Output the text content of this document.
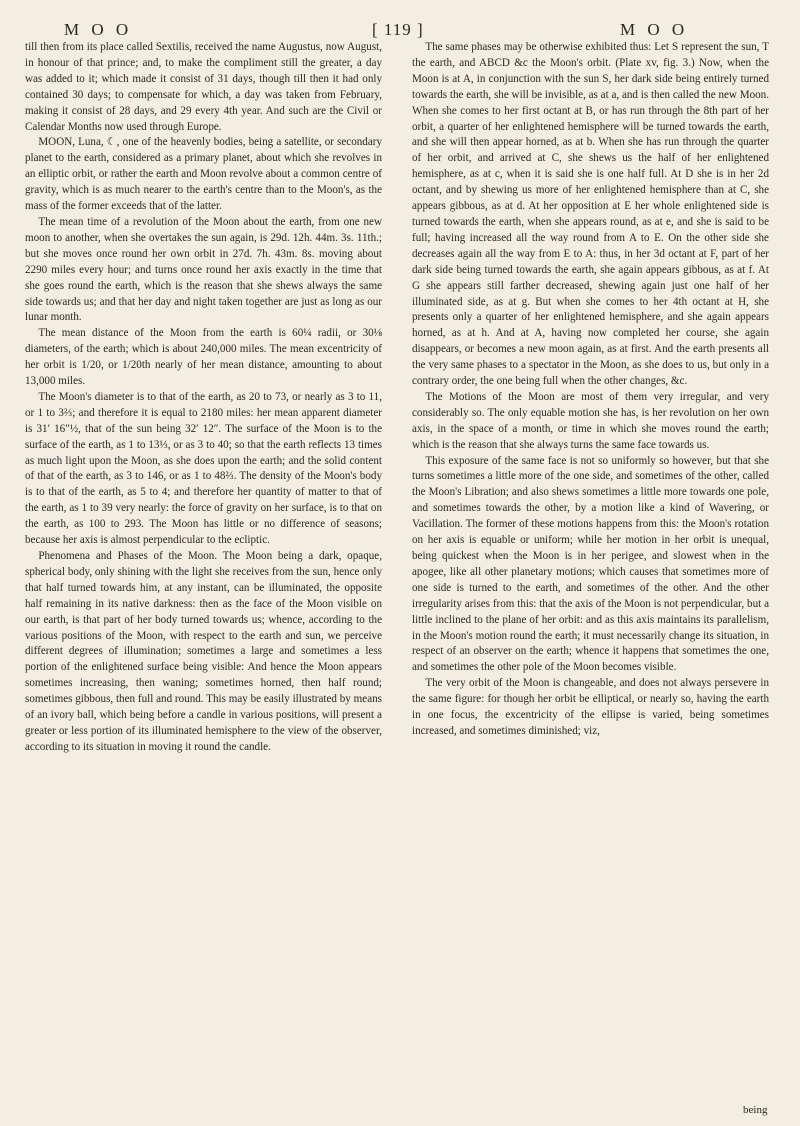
M O O	[ 119 ]	M O O

till then from its place called Sextilis, received the name Augustus, now August, in honour of that prince; and, to make the compliment still the greater, a day was added to it; which made it consist of 31 days, though till then it had only contained 30 days; to compensate for which, a day was taken from February, making it consist of 28 days, and 29 every 4th year. And such are the Civil or Calendar Months now used through Europe.

MOON, Luna, ☾, one of the heavenly bodies, being a satellite, or secondary planet to the earth, considered as a primary planet, about which she revolves in an elliptic orbit, or rather the earth and Moon revolve about a common centre of gravity, which is as much nearer to the earth's centre than to the Moon's, as the mass of the former exceeds that of the latter.

The mean time of a revolution of the Moon about the earth, from one new moon to another, when she overtakes the sun again, is 29d. 12h. 44m. 3s. 11th.; but she moves once round her own orbit in 27d. 7h. 43m. 8s. moving about 2290 miles every hour; and turns once round her axis exactly in the time that she goes round the earth, which is the reason that she shews always the same side towards us; and that her day and night taken together are just as long as our lunar month.

The mean distance of the Moon from the earth is 60¼ radii, or 30⅛ diameters, of the earth; which is about 240,000 miles. The mean excentricity of her orbit is 1/20, or 1/20th nearly of her mean distance, amounting to about 13,000 miles.

The Moon's diameter is to that of the earth, as 20 to 73, or nearly as 3 to 11, or 1 to 3⅔; and therefore it is equal to 2180 miles: her mean apparent diameter is 31′ 16″½, that of the sun being 32′ 12″. The surface of the Moon is to the surface of the earth, as 1 to 13⅓, or as 3 to 40; so that the earth reflects 13 times as much light upon the Moon, as she does upon the earth; and the solid content of that of the earth, as 3 to 146, or as 1 to 48⅔. The density of the Moon's body is to that of the earth, as 5 to 4; and therefore her quantity of matter to that of the earth, as 1 to 39 very nearly: the force of gravity on her surface, is to that on the earth, as 100 to 293. The Moon has little or no difference of seasons; because her axis is almost perpendicular to the ecliptic.

Phenomena and Phases of the Moon. The Moon being a dark, opaque, spherical body, only shining with the light she receives from the sun, hence only that half turned towards him, at any instant, can be illuminated, the opposite half remaining in its native darkness: then as the face of the Moon visible on our earth, is that part of her body turned towards us; whence, according to the various positions of the Moon, with respect to the earth and sun, we perceive different degrees of illumination; sometimes a large and sometimes a less portion of the enlightened surface being visible: And hence the Moon appears sometimes increasing, then waning; sometimes horned, then half round; sometimes gibbous, then full and round. This may be easily illustrated by means of an ivory ball, which being before a candle in various positions, will present a greater or less portion of its illuminated hemisphere to the view of the observer, according to its situation in moving it round the candle.

The same phases may be otherwise exhibited thus: Let S represent the sun, T the earth, and ABCD &c the Moon's orbit. (Plate xv, fig. 3.) Now, when the Moon is at A, in conjunction with the sun S, her dark side being entirely turned towards the earth, she will be invisible, as at a, and is then called the new Moon. When she comes to her first octant at B, or has run through the 8th part of her orbit, a quarter of her enlightened hemisphere will be turned towards the earth, and she will then appear horned, as at b. When she has run through the quarter of her orbit, and arrived at C, she shews us the half of her enlightened hemisphere, as at c, when it is said she is one half full. At D she is in her 2d octant, and by shewing us more of her enlightened hemisphere than at C, she appears gibbous, as at d. At her opposition at E her whole enlightened side is turned towards the earth, when she appears round, as at e, and she is said to be full; having increased all the way round from A to E. On the other side she decreases again all the way from E to A: thus, in her 3d octant at F, part of her dark side being turned towards the earth, she again appears gibbous, as at f. At G she appears still farther decreased, shewing again just one half of her illuminated side, as at g. But when she comes to her 4th octant at H, she presents only a quarter of her enlightened hemisphere, and she again appears horned, as at h. And at A, having now completed her course, she again disappears, or becomes a new moon again, as at first. And the earth presents all the very same phases to a spectator in the Moon, as she does to us, but only in a contrary order, the one being full when the other changes, &c.

The Motions of the Moon are most of them very irregular, and very considerably so. The only equable motion she has, is her revolution on her own axis, in the space of a month, or time in which she moves round the earth; which is the reason that she always turns the same face towards us.

This exposure of the same face is not so uniformly so however, but that she turns sometimes a little more of the one side, and sometimes of the other, called the Moon's Libration; and also shews sometimes a little more towards one pole, and sometimes towards the other, by a motion like a kind of Wavering, or Vacillation. The former of these motions happens from this: the Moon's rotation on her axis is equable or uniform; while her motion in her orbit is unequal, being quickest when the Moon is in her perigee, and slowest when in the apogee, like all other planetary motions; which causes that sometimes more of one side is turned to the earth, and sometimes of the other. And the other irregularity arises from this: that the axis of the Moon is not perpendicular, but a little inclined to the plane of her orbit: and as this axis maintains its parallelism, in the Moon's motion round the earth; it must necessarily change its situation, in respect of an observer on the earth; whence it happens that sometimes the one, and sometimes the other pole of the Moon becomes visible.

The very orbit of the Moon is changeable, and does not always persevere in the same figure: for though her orbit be elliptical, or nearly so, having the earth in one focus, the excentricity of the ellipse is varied, being sometimes increased, and sometimes diminished; viz,

being
